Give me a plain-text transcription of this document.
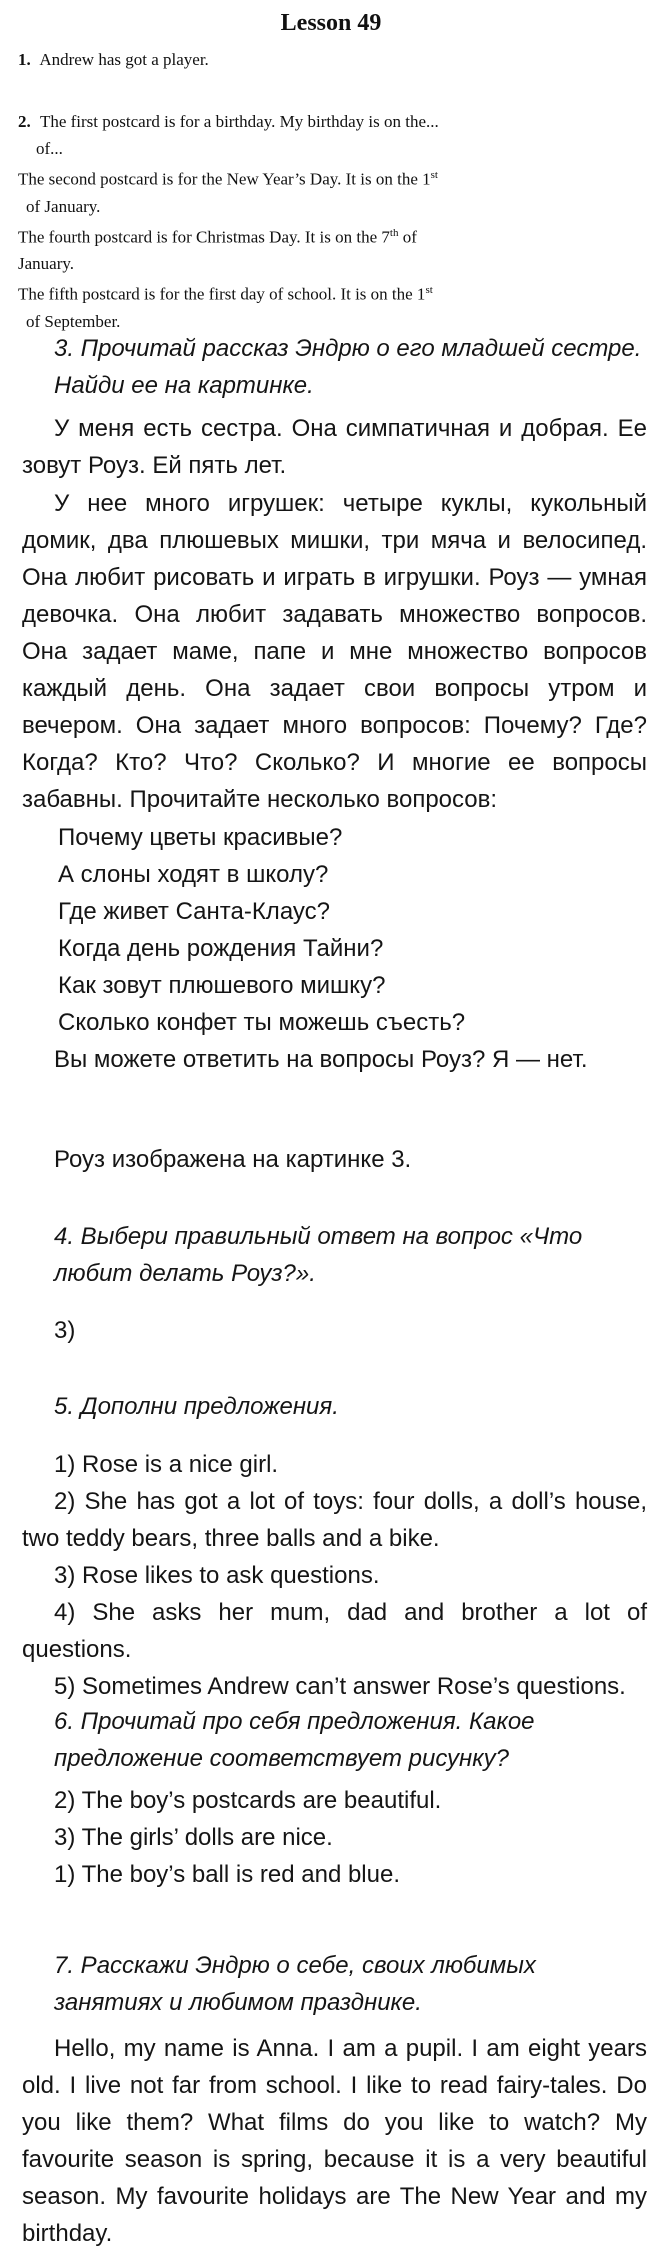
Lesson 49
1. Andrew has got a player.
2. The first postcard is for a birthday. My birthday is on the...
of...
The second postcard is for the New Year’s Day. It is on the 1st
of January.
The fourth postcard is for Christmas Day. It is on the 7th of
January.
The fifth postcard is for the first day of school. It is on the 1st
of September.
3. Прочитай рассказ Эндрю о его младшей сестре. Найди ее на картинке.
У меня есть сестра. Она симпатичная и добрая. Ее зовут Роуз. Ей пять лет.
У нее много игрушек: четыре куклы, кукольный домик, два плюшевых мишки, три мяча и велосипед. Она любит рисовать и играть в игрушки. Роуз — умная девочка. Она любит задавать множество вопросов. Она задает маме, папе и мне множество вопросов каждый день. Она задает свои вопросы утром и вечером. Она задает много вопросов: Почему? Где? Когда? Кто? Что? Сколько? И многие ее вопросы забавны. Прочитайте несколько вопросов:
Почему цветы красивые?
А слоны ходят в школу?
Где живет Санта-Клаус?
Когда день рождения Тайни?
Как зовут плюшевого мишку?
Сколько конфет ты можешь съесть?
Вы можете ответить на вопросы Роуз? Я — нет.
Роуз изображена на картинке 3.
4. Выбери правильный ответ на вопрос «Что любит делать Роуз?».
3)
5. Дополни предложения.
1) Rose is a nice girl.
2) She has got a lot of toys: four dolls, a doll’s house, two teddy bears, three balls and a bike.
3) Rose likes to ask questions.
4) She asks her mum, dad and brother a lot of questions.
5) Sometimes Andrew can’t answer Rose’s questions.
6. Прочитай про себя предложения. Какое предложение соответствует рисунку?
2) The boy’s postcards are beautiful.
3) The girls’ dolls are nice.
1) The boy’s ball is red and blue.
7. Расскажи Эндрю о себе, своих любимых занятиях и любимом празднике.
Hello, my name is Anna. I am a pupil. I am eight years old. I live not far from school. I like to read fairy-tales. Do you like them? What films do you like to watch? My favourite season is spring, because it is a very beautiful season. My favourite holidays are The New Year and my birthday.
